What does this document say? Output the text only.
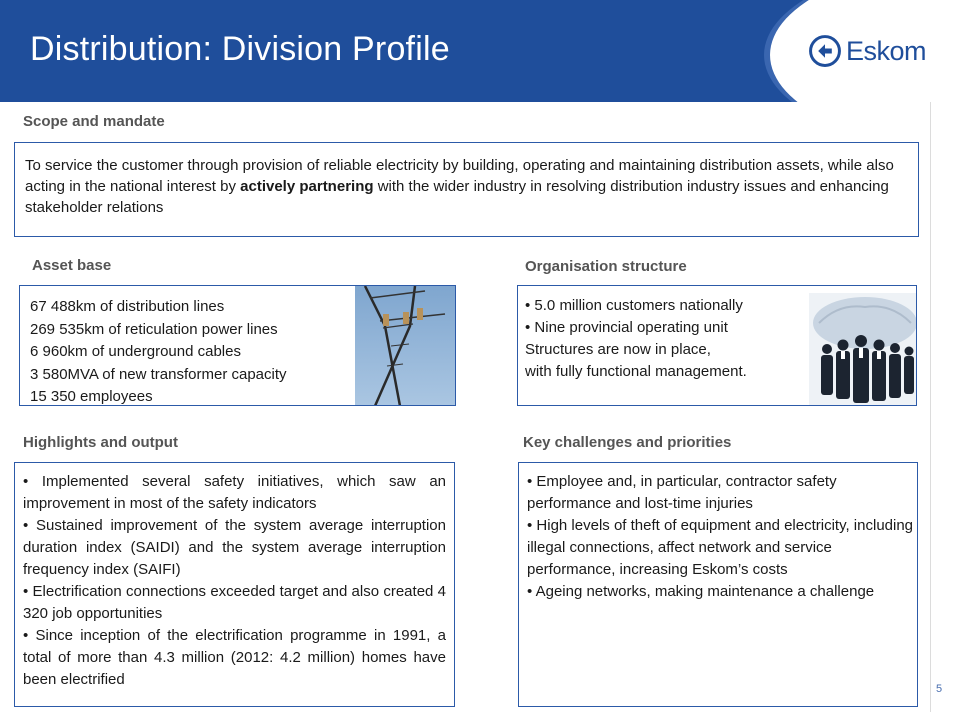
Distribution: Division Profile	Eskom
Scope and mandate
To service the customer through provision of reliable electricity by building, operating and maintaining distribution assets, while also acting in the national interest by actively partnering with the wider industry in resolving distribution industry issues and enhancing stakeholder relations
Asset base
67 488km of distribution lines
269 535km of reticulation power lines
6 960km of underground cables
3 580MVA of new transformer capacity
15 350 employees
Organisation structure
• 5.0 million customers nationally
• Nine provincial operating unit
Structures are now in place,
with fully functional management.
Highlights and output

• Implemented several safety initiatives, which saw an improvement in most of the safety indicators

• Sustained improvement of the system average interruption duration index (SAIDI) and the system average interruption frequency index (SAIFI)

• Electrification connections exceeded target and also created 4 320 job opportunities

• Since inception of the electrification programme in 1991, a total of more than 4.3 million (2012: 4.2 million) homes have been electrified

Key challenges and priorities

• Employee and, in particular, contractor safety performance and lost-time injuries

• High levels of theft of equipment and electricity, including illegal connections, affect network and service performance, increasing Eskom’s costs

• Ageing networks, making maintenance a challenge

5
